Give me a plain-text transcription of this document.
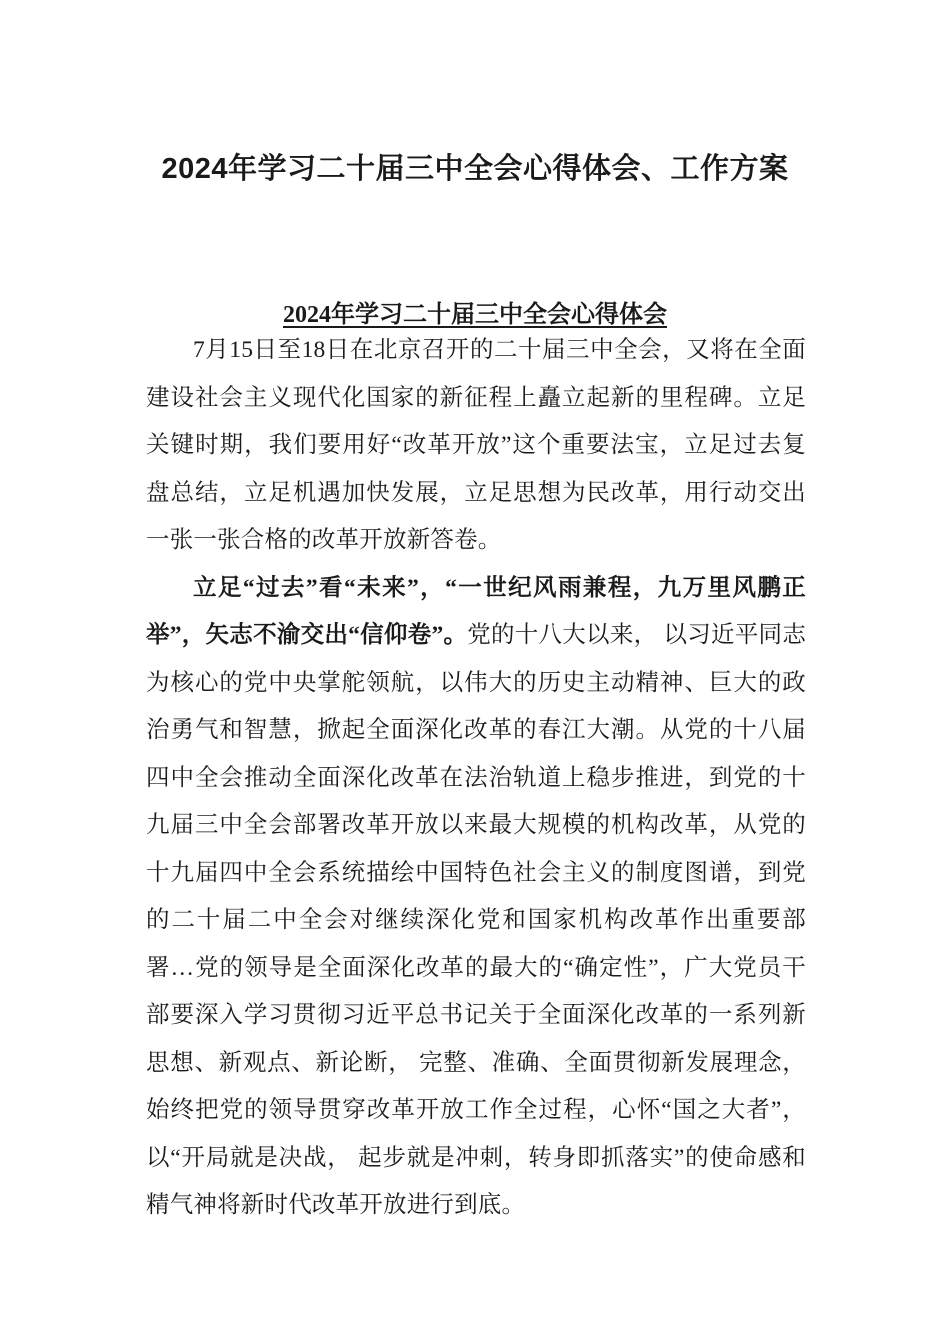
2024年学习二十届三中全会心得体会、工作方案
2024年学习二十届三中全会心得体会

7月15日至18日在北京召开的二十届三中全会，又将在全面建设社会主义现代化国家的新征程上矗立起新的里程碑。立足关键时期，我们要用好“改革开放”这个重要法宝，立足过去复盘总结，立足机遇加快发展，立足思想为民改革，用行动交出一张一张合格的改革开放新答卷。

立足“过去”看“未来”，“一世纪风雨兼程，九万里风鹏正举”，矢志不渝交出“信仰卷”。党的十八大以来， 以习近平同志为核心的党中央掌舵领航，以伟大的历史主动精神、巨大的政治勇气和智慧，掀起全面深化改革的春江大潮。从党的十八届四中全会推动全面深化改革在法治轨道上稳步推进，到党的十九届三中全会部署改革开放以来最大规模的机构改革，从党的十九届四中全会系统描绘中国特色社会主义的制度图谱，到党的二十届二中全会对继续深化党和国家机构改革作出重要部署…党的领导是全面深化改革的最大的“确定性”，广大党员干部要深入学习贯彻习近平总书记关于全面深化改革的一系列新思想、新观点、新论断， 完整、准确、全面贯彻新发展理念，始终把党的领导贯穿改革开放工作全过程，心怀“国之大者”，以“开局就是决战， 起步就是冲刺，转身即抓落实”的使命感和精气神将新时代改革开放进行到底。
